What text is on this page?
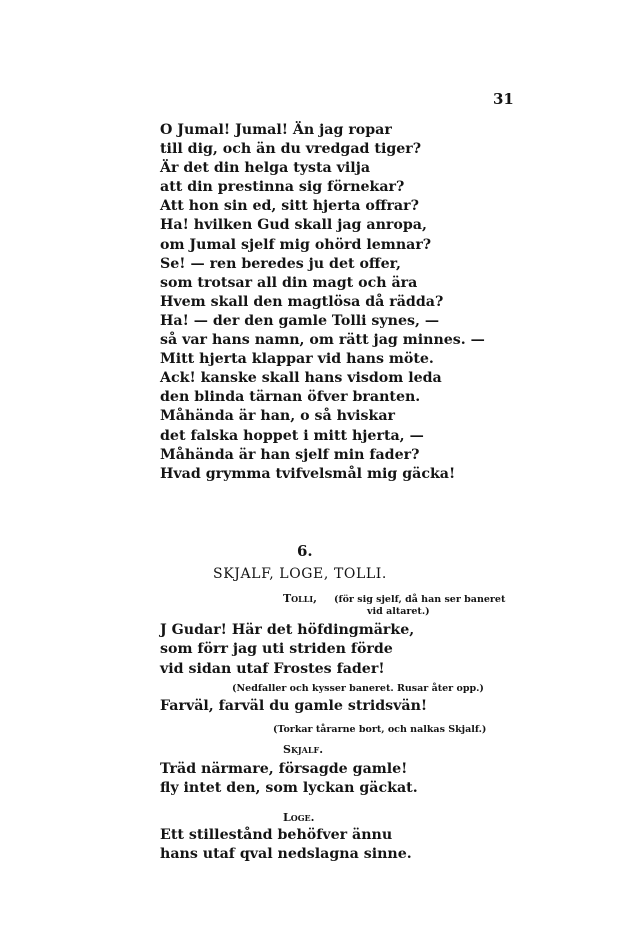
31
O Jumal! Jumal! Än jag ropar
till dig, och än du vredgad tiger?
Är det din helga tysta vilja
att din prestinna sig förnekar?
Att hon sin ed, sitt hjerta offrar?
Ha! hvilken Gud skall jag anropa,
om Jumal sjelf mig ohörd lemnar?
Se! — ren beredes ju det offer,
som trotsar all din magt och ära
Hvem skall den magtlösa då rädda?
Ha! — der den gamle Tolli synes, —
så var hans namn, om rätt jag minnes. —
Mitt hjerta klappar vid hans möte.
Ack! kanske skall hans visdom leda
den blinda tärnan öfver branten.
Måhända är han, o så hviskar
det falska hoppet i mitt hjerta, —
Måhända är han sjelf min fader?
Hvad grymma tvifvelsmål mig gäcka!
6.
SKJALF, LOGE, TOLLI.
Tolli, (för sig sjelf, då han ser baneret
vid altaret.)
J Gudar! Här det höfdingmärke,
som förr jag uti striden förde
vid sidan utaf Frostes fader!
(Nedfaller och kysser baneret. Rusar åter opp.)
Farväl, farväl du gamle stridsvän!
(Torkar tårarne bort, och nalkas Skjalf.)
Skjalf.
Träd närmare, försagde gamle!
fly intet den, som lyckan gäckat.
Loge.
Ett stillestånd behöfver ännu
hans utaf qval nedslagna sinne.
